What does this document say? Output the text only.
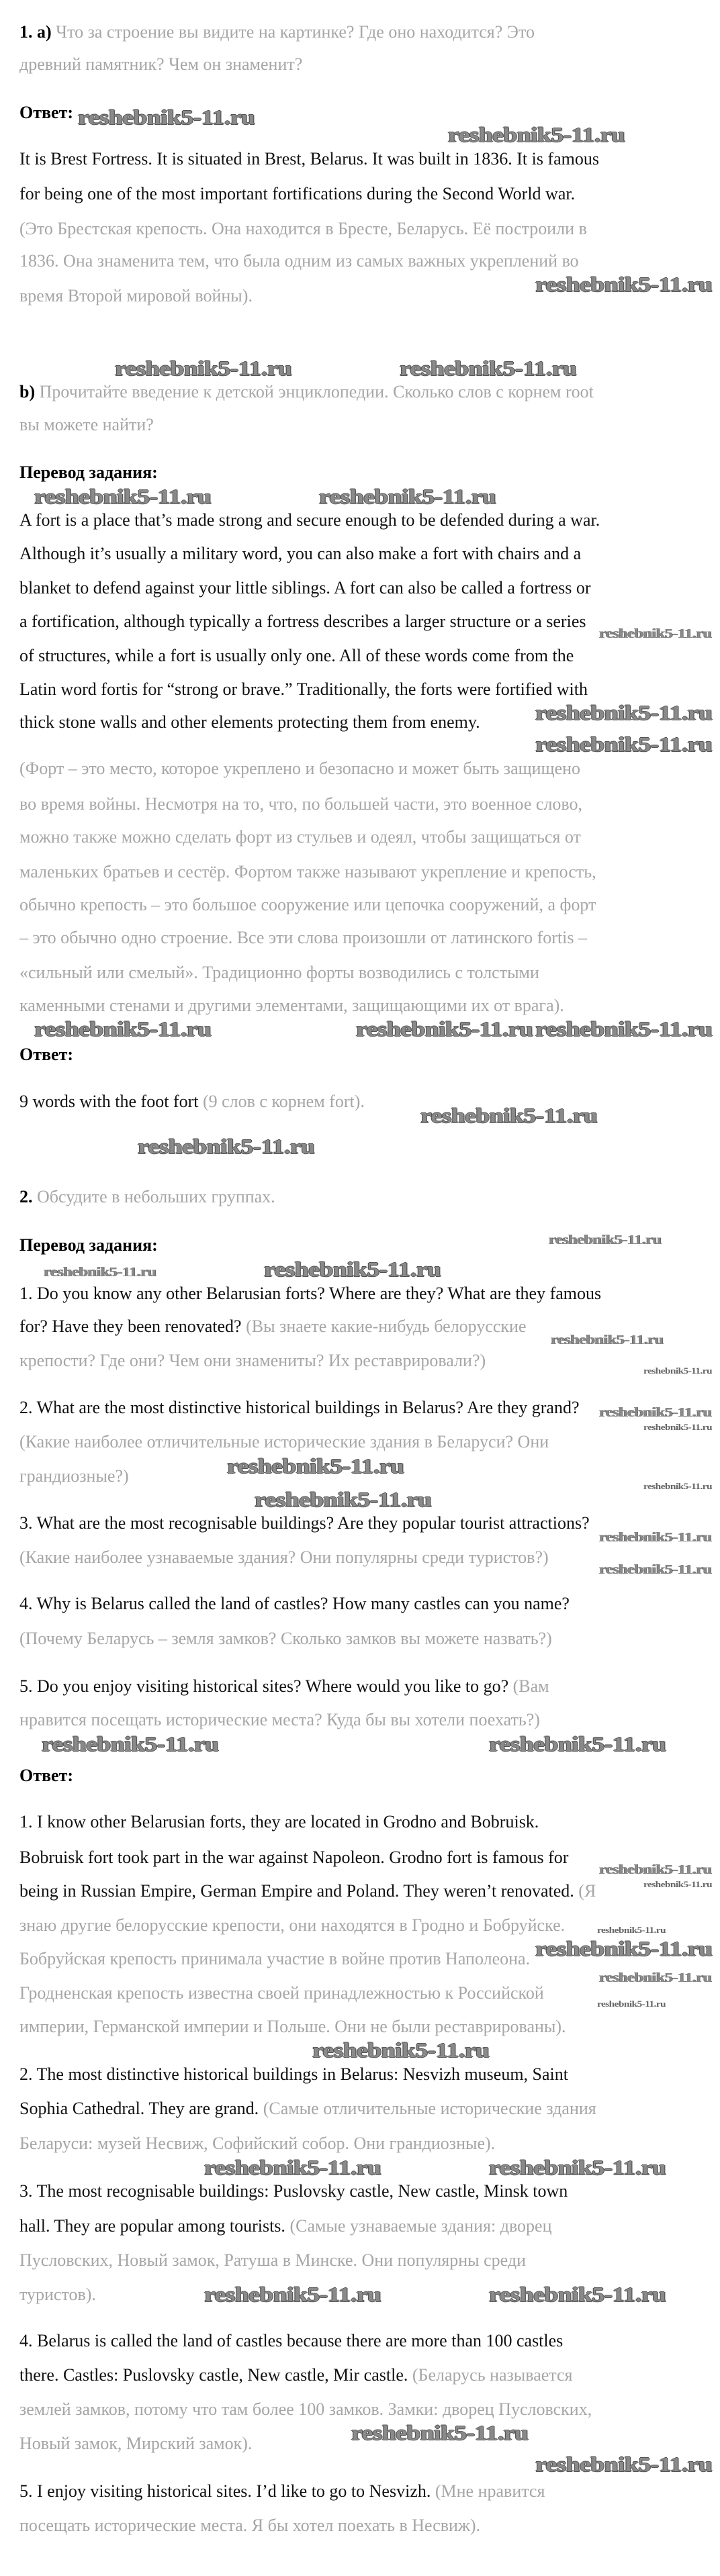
1. а) Что за строение вы видите на картинке? Где оно находится? Это
древний памятник? Чем он знаменит?
Ответ:
It is Brest Fortress. It is situated in Brest, Belarus. It was built in 1836. It is famous
for being one of the most important fortifications during the Second World war.
(Это Брестская крепость. Она находится в Бресте, Беларусь. Её построили в
1836. Она знаменита тем, что была одним из самых важных укреплений во
время Второй мировой войны).
b) Прочитайте введение к детской энциклопедии. Сколько слов с корнем root
вы можете найти?
Перевод задания:
A fort is a place that’s made strong and secure enough to be defended during a war.
Although it’s usually a military word, you can also make a fort with chairs and a
blanket to defend against your little siblings. A fort can also be called a fortress or
a fortification, although typically a fortress describes a larger structure or a series
of structures, while a fort is usually only one. All of these words come from the
Latin word fortis for “strong or brave.” Traditionally, the forts were fortified with
thick stone walls and other elements protecting them from enemy.
(Форт – это место, которое укреплено и безопасно и может быть защищено
во время войны. Несмотря на то, что, по большей части, это военное слово,
можно также можно сделать форт из стульев и одеял, чтобы защищаться от
маленьких братьев и сестёр. Фортом также называют укрепление и крепость,
обычно крепость – это большое сооружение или цепочка сооружений, а форт
– это обычно одно строение. Все эти слова произошли от латинского fortis –
«сильный или смелый». Традиционно форты возводились с толстыми
каменными стенами и другими элементами, защищающими их от врага).
Ответ:
9 words with the foot fort (9 слов с корнем fort).
2. Обсудите в небольших группах.
Перевод задания:
1. Do you know any other Belarusian forts? Where are they? What are they famous
for? Have they been renovated? (Вы знаете какие-нибудь белорусские
крепости? Где они? Чем они знамениты? Их реставрировали?)
2. What are the most distinctive historical buildings in Belarus? Are they grand?
(Какие наиболее отличительные исторические здания в Беларуси? Они
грандиозные?)
3. What are the most recognisable buildings? Are they popular tourist attractions?
(Какие наиболее узнаваемые здания? Они популярны среди туристов?)
4. Why is Belarus called the land of castles? How many castles can you name?
(Почему Беларусь – земля замков? Сколько замков вы можете назвать?)
5. Do you enjoy visiting historical sites? Where would you like to go? (Вам
нравится посещать исторические места? Куда бы вы хотели поехать?)
Ответ:
1. I know other Belarusian forts, they are located in Grodno and Bobruisk.
Bobruisk fort took part in the war against Napoleon. Grodno fort is famous for
being in Russian Empire, German Empire and Poland. They weren’t renovated. (Я
знаю другие белорусские крепости, они находятся в Гродно и Бобруйске.
Бобруйская крепость принимала участие в войне против Наполеона.
Гродненская крепость известна своей принадлежностью к Российской
империи, Германской империи и Польше. Они не были реставрированы).
2. The most distinctive historical buildings in Belarus: Nesvizh museum, Saint
Sophia Cathedral. They are grand. (Самые отличительные исторические здания
Беларуси: музей Несвиж, Софийский собор. Они грандиозные).
3. The most recognisable buildings: Puslovsky castle, New castle, Minsk town
hall. They are popular among tourists. (Самые узнаваемые здания: дворец
Пусловских, Новый замок, Ратуша в Минске. Они популярны среди
туристов).
4. Belarus is called the land of castles because there are more than 100 castles
there. Castles: Puslovsky castle, New castle, Mir castle. (Беларусь называется
землей замков, потому что там более 100 замков. Замки: дворец Пусловских,
Новый замок, Мирский замок).
5. I enjoy visiting historical sites. I’d like to go to Nesvizh. (Мне нравится
посещать исторические места. Я бы хотел поехать в Несвиж).
reshebnik5-11.ru
reshebnik5-11.ru
reshebnik5-11.ru
reshebnik5-11.ru	reshebnik5-11.ru
reshebnik5-11.ru	reshebnik5-11.ru
reshebnik5-11.ru
reshebnik5-11.ru
reshebnik5-11.ru
reshebnik5-11.ru
reshebnik5-11.ru	reshebnik5-11.ru
reshebnik5-11.ru
reshebnik5-11.ru
reshebnik5-11.ru
reshebnik5-11.ru	reshebnik5-11.ru
reshebnik5-11.ru
reshebnik5-11.ru
reshebnik5-11.ru
reshebnik5-11.ru
reshebnik5-11.ru
reshebnik5-11.ru
reshebnik5-11.ru
reshebnik5-11.ru
reshebnik5-11.ru
reshebnik5-11.ru	reshebnik5-11.ru
reshebnik5-11.ru
reshebnik5-11.ru
reshebnik5-11.ru
reshebnik5-11.ru
reshebnik5-11.ru
reshebnik5-11.ru
reshebnik5-11.ru
reshebnik5-11.ru	reshebnik5-11.ru
reshebnik5-11.ru	reshebnik5-11.ru
reshebnik5-11.ru
reshebnik5-11.ru
